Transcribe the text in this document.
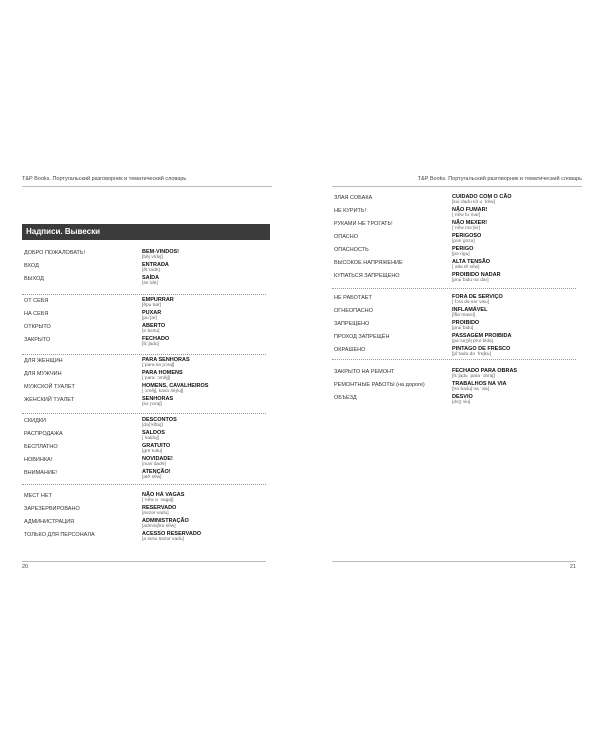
T&P Books. Португальский разговорник и тематический словарь
Надписи. Вывески
ДОБРО ПОЖАЛОВАТЬ!	BEM-VINDOS!
[bẽjˈvĩduʃ]
ВХОД	ENTRADA
[ẽtˈradɐ]
ВЫХОД	SAÍDA
[sɐˈidɐ]
ОТ СЕБЯ	EMPURRAR
[ẽpuˈʀar]
НА СЕБЯ	PUXAR
[puˈʃar]
ОТКРЫТО	ABERTO
[ɐˈbɛrtu]
ЗАКРЫТО	FECHADO
[fɛˈʃadu]
ДЛЯ ЖЕНЩИН	PARA SENHORAS
[ˈpara səˈɲɔraʃ]
ДЛЯ МУЖЧИН	PARA HOMENS
[ˈpara ˈɔmẽjʃ]
МУЖСКОЙ ТУАЛЕТ	HOMENS, CAVALHEIROS
[ˈɔmẽjʃ, kavaˈʎɐjruʃ]
ЖЕНСКИЙ ТУАЛЕТ	SENHORAS
[səˈɲɔraʃ]
СКИДКИ	DESCONTOS
[dəʃˈkõtuʃ]
РАСПРОДАЖА	SALDOS
[ˈsaldu∫]
БЕСПЛАТНО	GRATUITO
[grɐˈtuitu]
НОВИНКА!	NOVIDADE!
[nuviˈdadɘ]
ВНИМАНИЕ!	ATENÇÃO!
[atẽˈsɐ̃w]
МЕСТ НЕТ	NÃO HÁ VAGAS
[ˈnɐ̃w a ˈvagaʃ]
ЗАРЕЗЕРВИРОВАНО	RESERVADO
[ʀəzərˈvadu]
АДМИНИСТРАЦИЯ	ADMINISTRAÇÃO
[adminiʃtraˈsɐ̃w]
ТОЛЬКО ДЛЯ ПЕРСОНАЛА	ACESSO RESERVADO
[aˈsɛsu ʀəzərˈvadu]
20
T&P Books. Португальский разговорник и тематический словарь
ЗЛАЯ СОБАКА	CUIDADO COM O CÃO
[kuiˈdadu kõ u ˈkɐ̃w]
НЕ КУРИТЬ!	NÃO FUMAR!
[ˈnɐ̃w fuˈmar]
РУКАМИ НЕ ТРОГАТЬ!	NÃO MEXER!
[ˈnɐ̃w məˈʃer]
ОПАСНО	PERIGOSO
[pəriˈgozu]
ОПАСНОСТЬ	PERIGO
[pəˈrigu]
ВЫСОКОЕ НАПРЯЖЕНИЕ	ALTA TENSÃO
[ˈalta tẽˈsɐ̃w]
КУПАТЬСЯ ЗАПРЕЩЕНО	PROIBIDO NADAR
[pruiˈbidu naˈdar]
НЕ РАБОТАЕТ	FORA DE SERVIÇO
[ˈfɔra də sərˈvisu]
ОГНЕОПАСНО	INFLAMÁVEL
[ĩflaˈmavɛl]
ЗАПРЕЩЕНО	PROIBIDO
[pruiˈbidu]
ПРОХОД ЗАПРЕЩЁН	PASSAGEM PROIBIDA
[paˈsaʒẽj pruiˈbida]
ОКРАШЕНО	PINTAGO DE FRESCO
[pĩˈtadu də ˈfreʃku]
ЗАКРЫТО НА РЕМОНТ	FECHADO PARA OBRAS
[fɛˈʃadu ˈpara ˈɔbraʃ]
РЕМОНТНЫЕ РАБОТЫ (на дороге)	TRABALHOS NA VIA
[traˈbaʎuʃ na ˈvia]
ОБЪЕЗД	DESVIO
[dəʒˈviu]
21
